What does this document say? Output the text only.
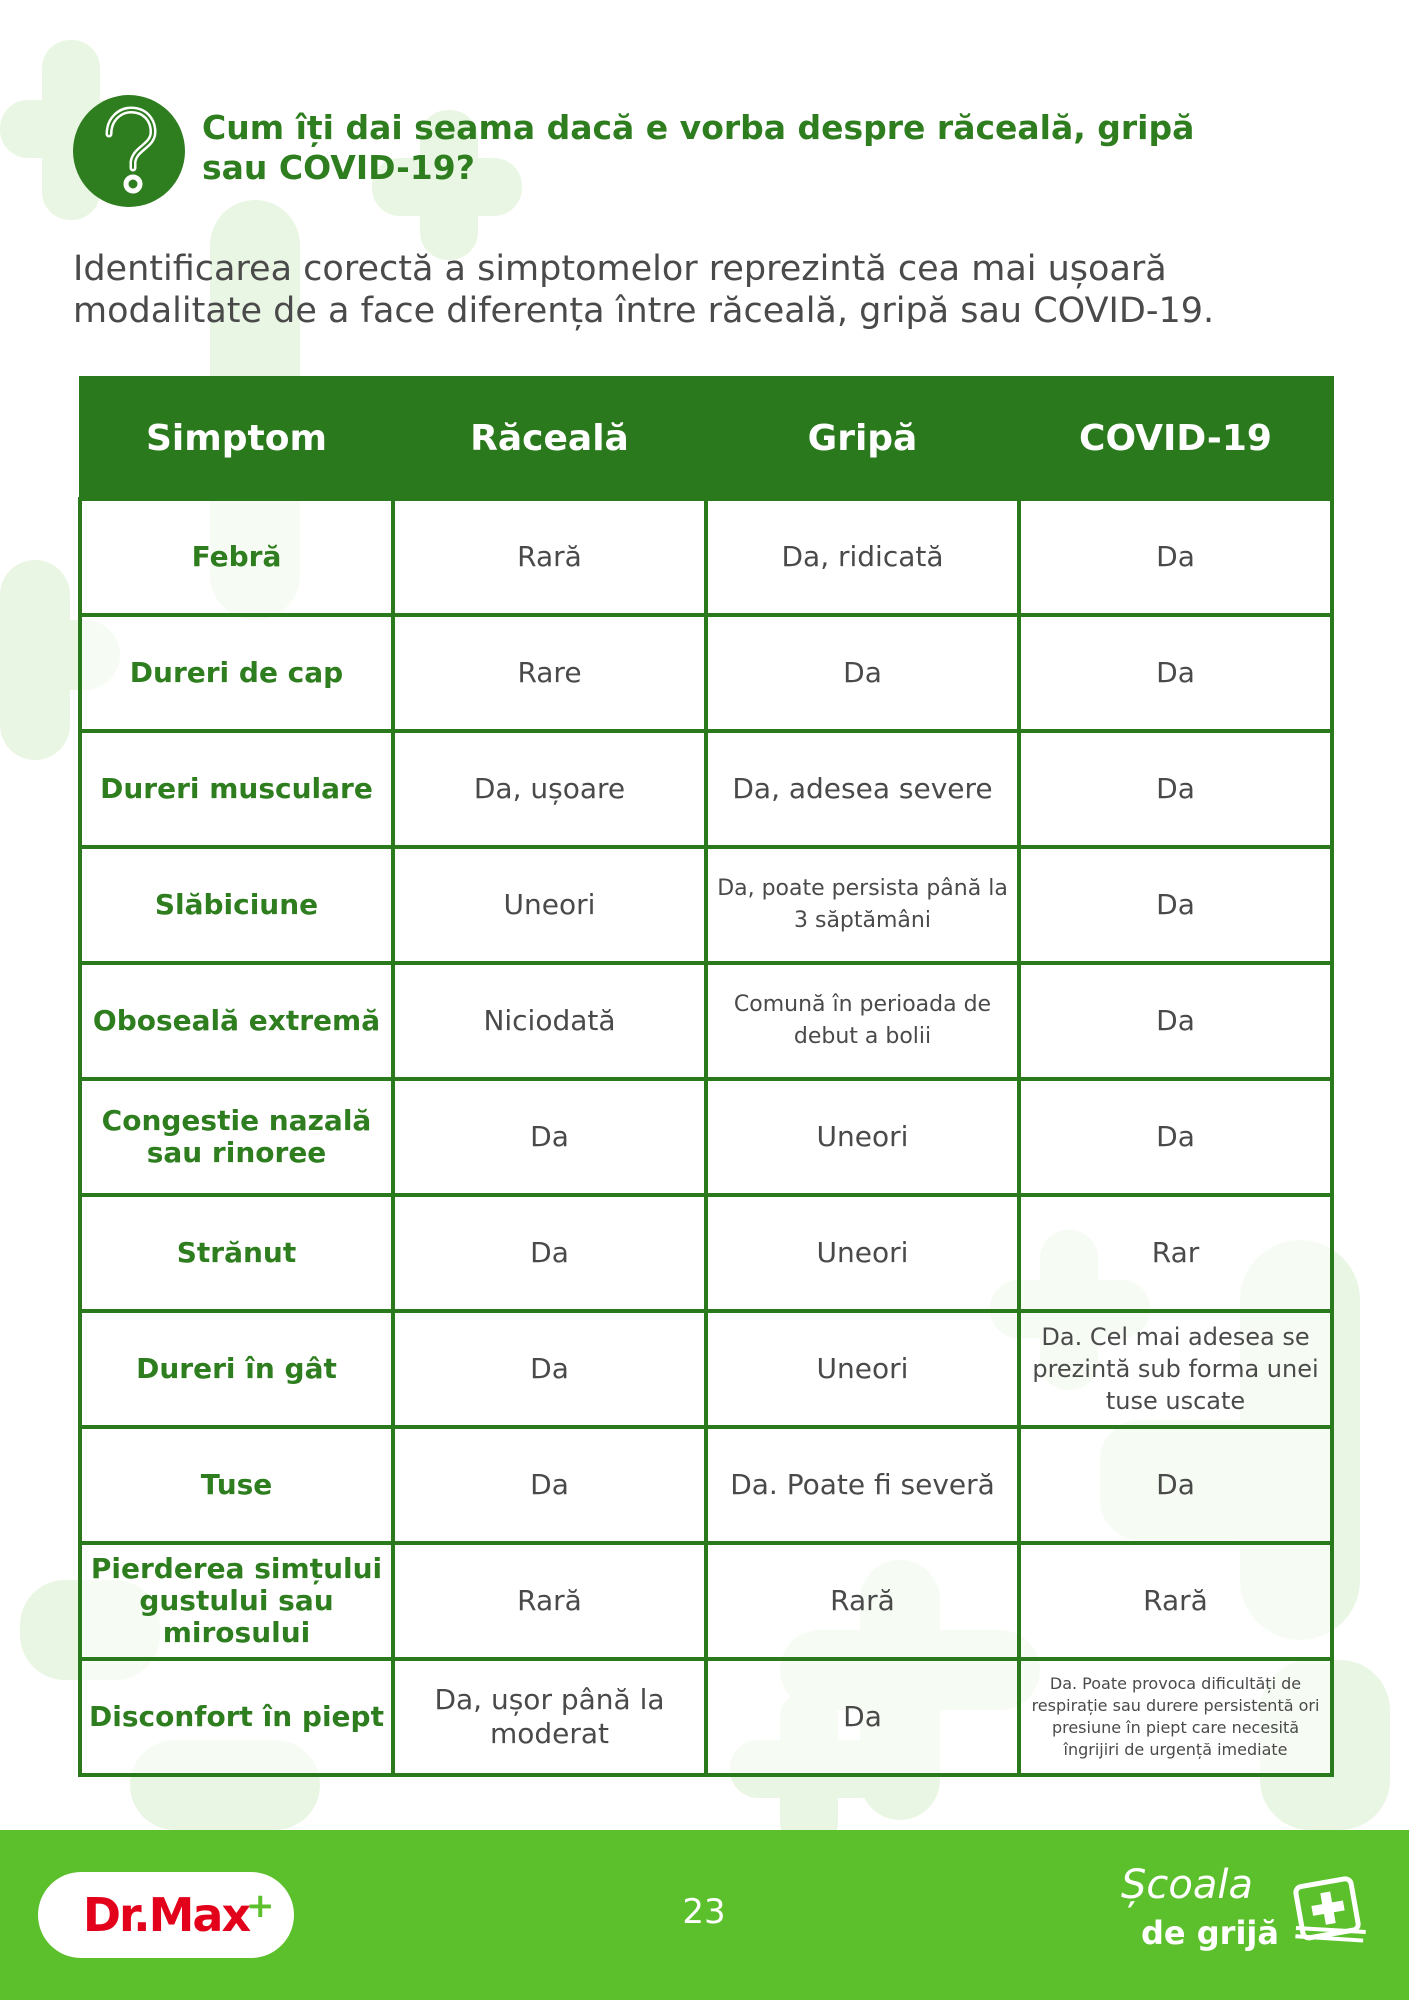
Cum îți dai seama dacă e vorba despre răceală, gripă sau COVID-19?
Identificarea corectă a simptomelor reprezintă cea mai ușoară modalitate de a face diferența între răceală, gripă sau COVID-19.
Simptom	Răceală	Gripă	COVID-19
Febră	Rară	Da, ridicată	Da
Dureri de cap	Rare	Da	Da
Dureri musculare	Da, ușoare	Da, adesea severe	Da
Slăbiciune	Uneori	Da, poate persista până la 3 săptămâni	Da
Oboseală extremă	Niciodată	Comună în perioada de debut a bolii	Da
Congestie nazală sau rinoree	Da	Uneori	Da
Strănut	Da	Uneori	Rar
Dureri în gât	Da	Uneori	Da. Cel mai adesea se prezintă sub forma unei tuse uscate
Tuse	Da	Da. Poate fi severă	Da
Pierderea simțului gustului sau mirosului	Rară	Rară	Rară
Disconfort în piept	Da, ușor până la moderat	Da	Da. Poate provoca dificultăți de respirație sau durere persistentă ori presiune în piept care necesită îngrijiri de urgență imediate
Dr.Max
+	23
Școala
de grijă
